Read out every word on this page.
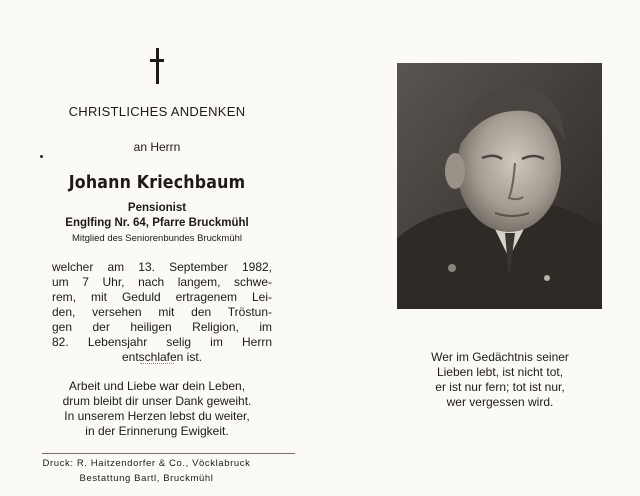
CHRISTLICHES ANDENKEN
an Herrn
Johann Kriechbaum
Pensionist
Englfing Nr. 64, Pfarre Bruckmühl
Mitglied des Seniorenbundes Bruckmühl
welcher am 13. September 1982,
um 7 Uhr, nach langem, schwe-
rem, mit Geduld ertragenem Lei-
den, versehen mit den Tröstun-
gen der heiligen Religion, im
82. Lebensjahr selig im Herrn
entschlafen ist.
Arbeit und Liebe war dein Leben,
drum bleibt dir unser Dank geweiht.
In unserem Herzen lebst du weiter,
in der Erinnerung Ewigkeit.
Druck: R. Haitzendorfer & Co., Vöcklabruck
Bestattung Bartl, Bruckmühl
Wer im Gedächtnis seiner
Lieben lebt, ist nicht tot,
er ist nur fern; tot ist nur,
wer vergessen wird.
